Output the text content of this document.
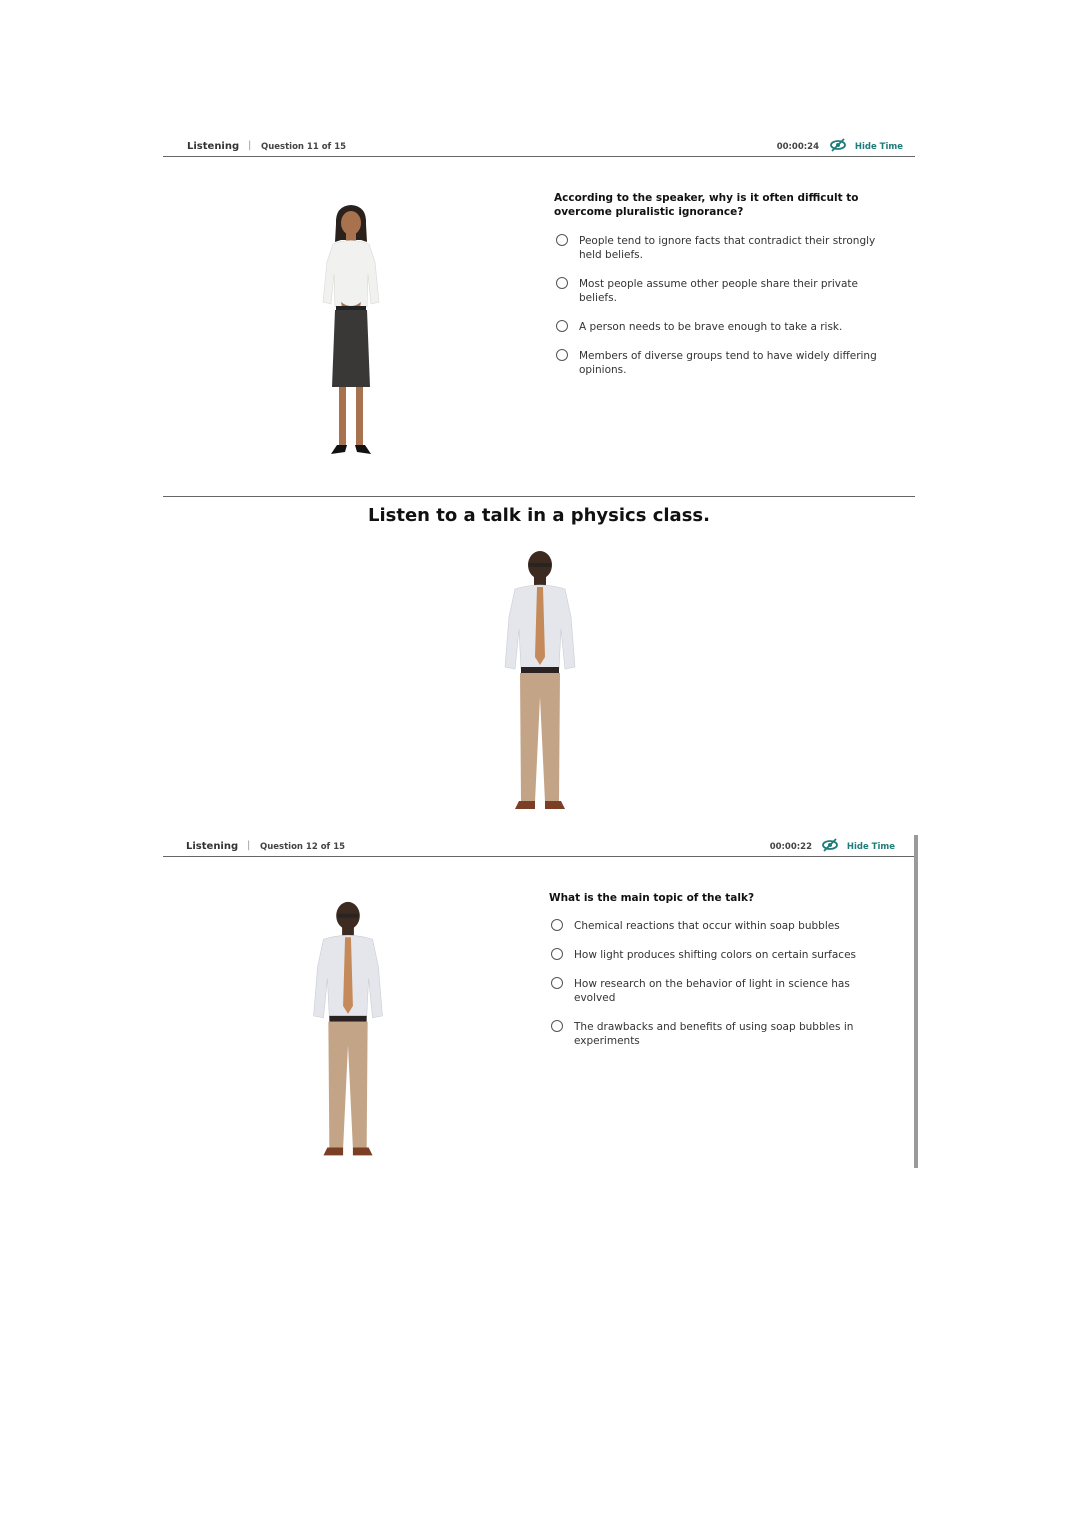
Listening | Question 11 of 15	00:00:24	Hide Time
According to the speaker, why is it often difficult to overcome pluralistic ignorance?
People tend to ignore facts that contradict their strongly held beliefs.
Most people assume other people share their private beliefs.
A person needs to be brave enough to take a risk.
Members of diverse groups tend to have widely differing opinions.
Listen to a talk in a physics class.
Listening | Question 12 of 15	00:00:22	Hide Time
What is the main topic of the talk?
Chemical reactions that occur within soap bubbles
How light produces shifting colors on certain surfaces
How research on the behavior of light in science has evolved
The drawbacks and benefits of using soap bubbles in experiments
